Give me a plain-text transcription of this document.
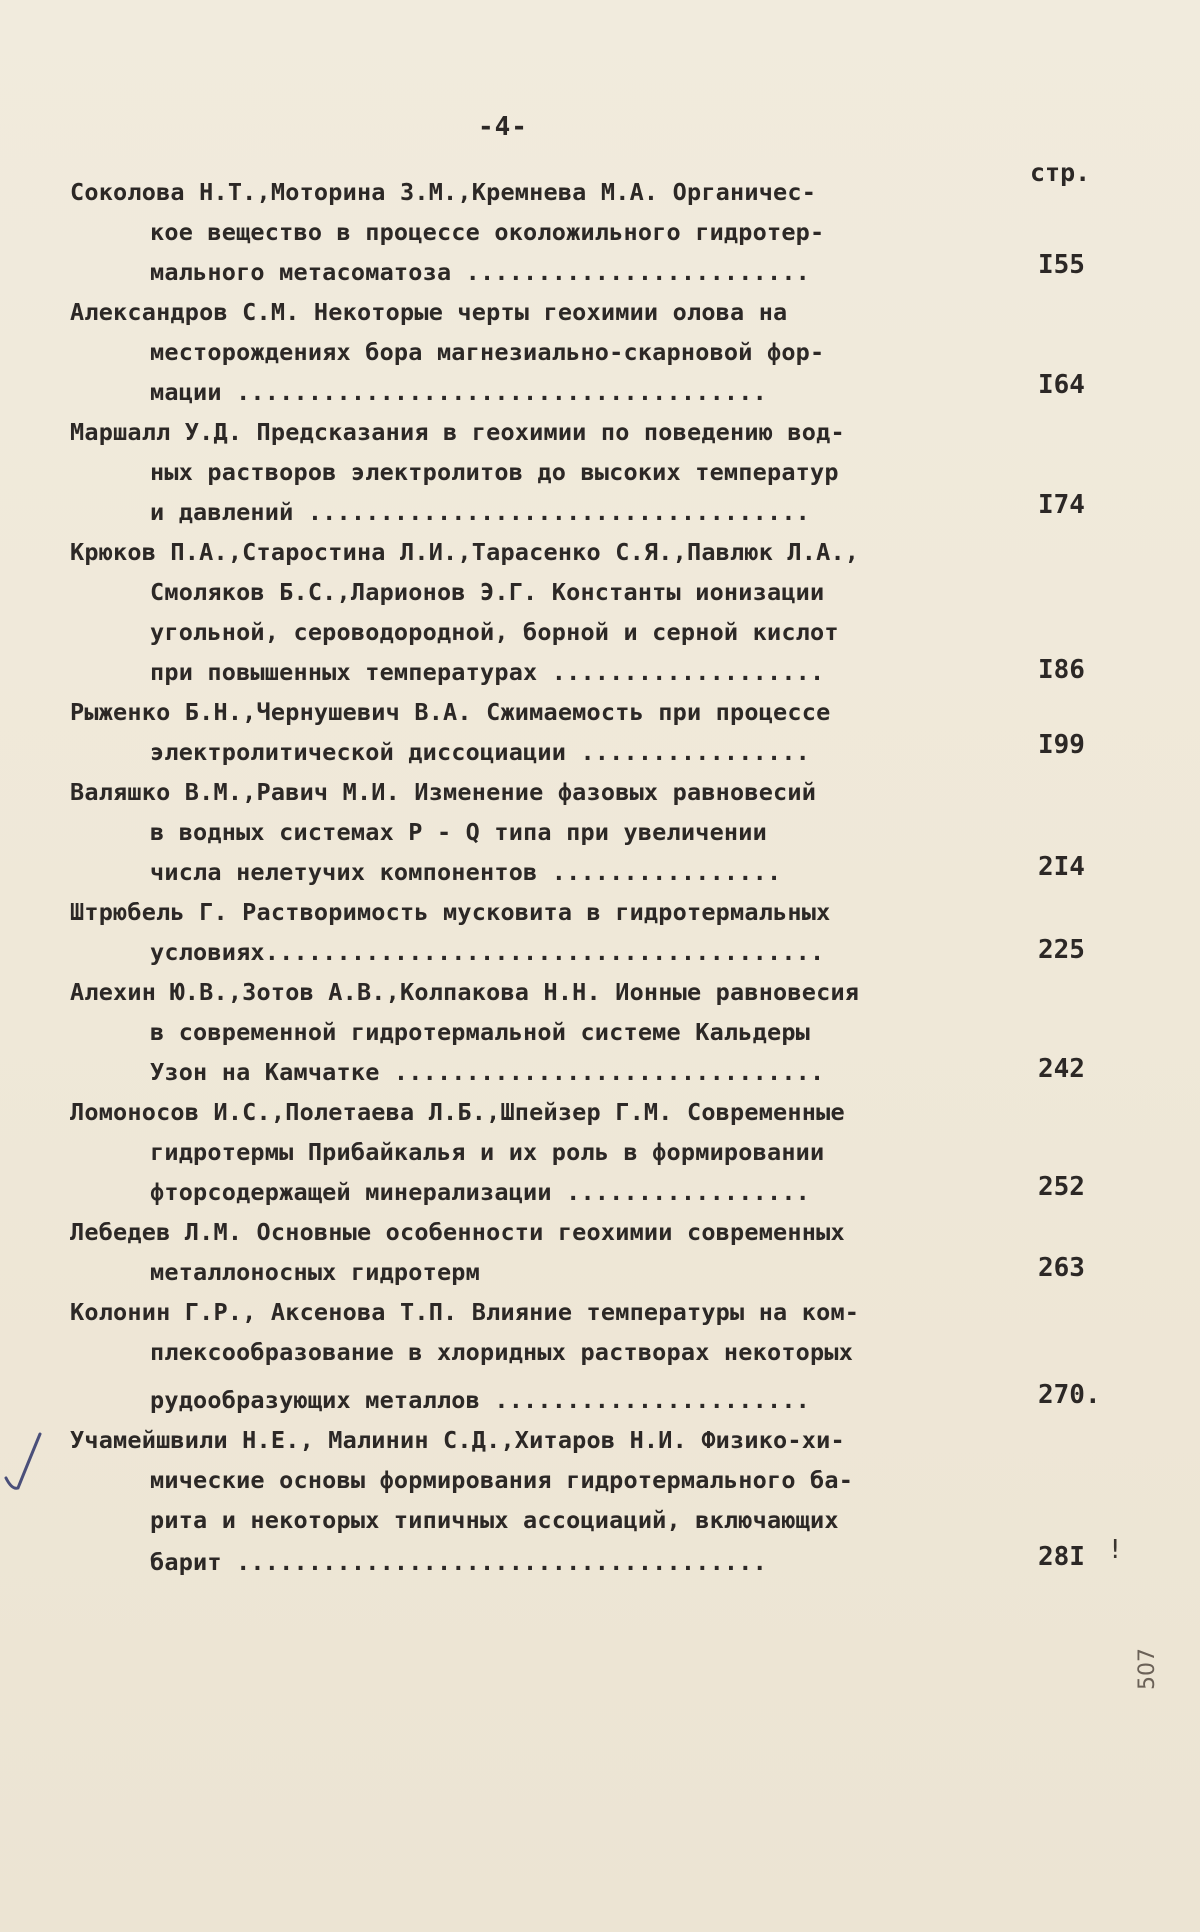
-4-
стр.
Соколова Н.Т.,Моторина З.М.,Кремнева М.А. Органичес-
кое вещество в процессе околожильного гидротер-
мального метасоматоза ........................	I55
Александров С.М. Некоторые черты геохимии олова на
месторождениях бора магнезиально-скарновой фор-
мации .....................................	I64
Маршалл У.Д. Предсказания в геохимии по поведению вод-
ных растворов электролитов до высоких температур
и давлений ...................................	I74
Крюков П.А.,Старостина Л.И.,Тарасенко С.Я.,Павлюк Л.А.,
Смоляков Б.С.,Ларионов Э.Г. Константы ионизации
угольной, сероводородной, борной и серной кислот
при повышенных температурах ...................	I86
Рыженко Б.Н.,Чернушевич В.А. Сжимаемость при процессе
электролитической диссоциации ................	I99
Валяшко В.М.,Равич М.И. Изменение фазовых равновесий
в водных системах P - Q типа при увеличении
числа нелетучих компонентов ................	2I4
Штрюбель Г. Растворимость мусковита в гидротермальных
условиях.......................................	225
Алехин Ю.В.,Зотов А.В.,Колпакова Н.Н. Ионные равновесия
в современной гидротермальной системе Кальдеры
Узон на Камчатке ..............................	242
Ломоносов И.С.,Полетаева Л.Б.,Шпейзер Г.М. Современные
гидротермы Прибайкалья и их роль в формировании
фторсодержащей минерализации .................	252
Лебедев Л.М. Основные особенности геохимии современных
металлоносных гидротерм	263
Колонин Г.Р., Аксенова Т.П. Влияние температуры на ком-
плексообразование в хлоридных растворах некоторых
рудообразующих металлов ......................	270.
Учамейшвили Н.Е., Малинин С.Д.,Хитаров Н.И. Физико-хи-
мические основы формирования гидротермального ба-
рита и некоторых типичных ассоциаций, включающих
барит .....................................	28I !
507
